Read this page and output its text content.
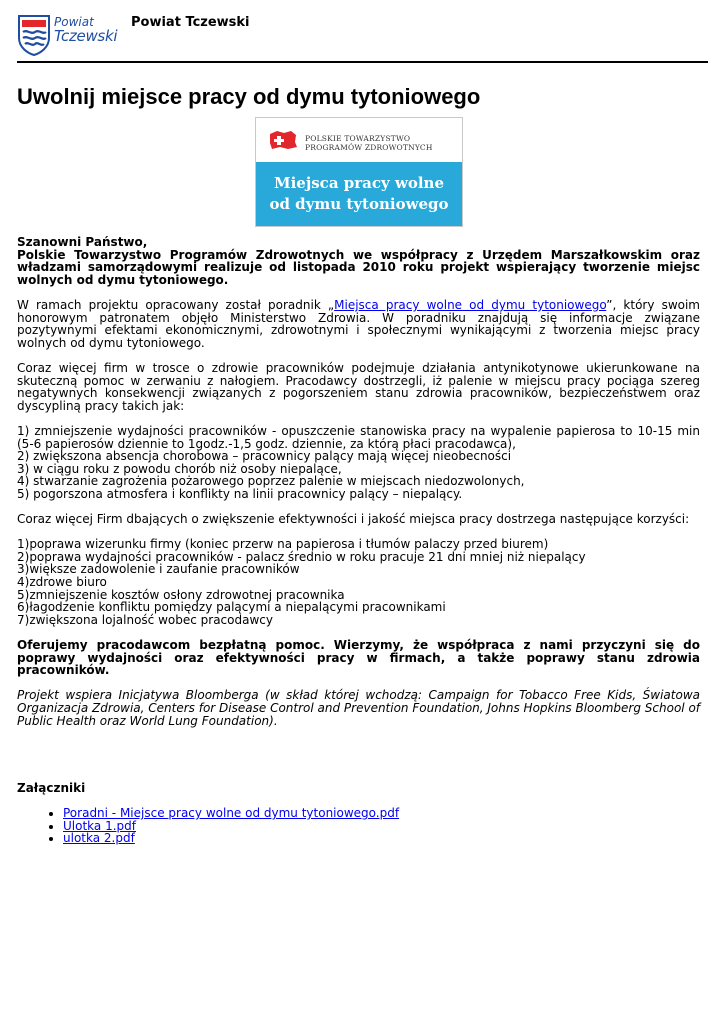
Powiat
Tczewski
Powiat Tczewski
Uwolnij miejsce pracy od dymu tytoniowego
POLSKIE TOWARZYSTWO
PROGRAMÓW ZDROWOTNYCH
Miejsca pracy wolne
od dymu tytoniowego

Szanowni Państwo,
Polskie Towarzystwo Programów Zdrowotnych we współpracy z Urzędem Marszałkowskim oraz władzami samorządowymi realizuje od listopada 2010 roku projekt wspierający tworzenie miejsc wolnych od dymu tytoniowego.

W ramach projektu opracowany został poradnik „Miejsca pracy wolne od dymu tytoniowego”, który swoim honorowym patronatem objęło Ministerstwo Zdrowia. W poradniku znajdują się informacje związane pozytywnymi efektami ekonomicznymi, zdrowotnymi i społecznymi wynikającymi z tworzenia miejsc pracy wolnych od dymu tytoniowego.

Coraz więcej firm w trosce o zdrowie pracowników podejmuje działania antynikotynowe ukierunkowane na skuteczną pomoc w zerwaniu z nałogiem. Pracodawcy dostrzegli, iż palenie w miejscu pracy pociąga szereg negatywnych konsekwencji związanych z pogorszeniem stanu zdrowia pracowników, bezpieczeństwem oraz dyscypliną pracy takich jak:

1) zmniejszenie wydajności pracowników - opuszczenie stanowiska pracy na wypalenie papierosa to 10-15 min (5-6 papierosów dziennie to 1godz.-1,5 godz. dziennie, za którą płaci pracodawca),
2) zwiększona absencja chorobowa – pracownicy palący mają więcej nieobecności
3) w ciągu roku z powodu chorób niż osoby niepalące,
4) stwarzanie zagrożenia pożarowego poprzez palenie w miejscach niedozwolonych,
5) pogorszona atmosfera i konflikty na linii pracownicy palący – niepalący.

Coraz więcej Firm dbających o zwiększenie efektywności i jakość miejsca pracy dostrzega następujące korzyści:

1)poprawa wizerunku firmy (koniec przerw na papierosa i tłumów palaczy przed biurem)
2)poprawa wydajności pracowników - palacz średnio w roku pracuje 21 dni mniej niż niepalący
3)większe zadowolenie i zaufanie pracowników
4)zdrowe biuro
5)zmniejszenie kosztów osłony zdrowotnej pracownika
6)łagodzenie konfliktu pomiędzy palącymi a niepalącymi pracownikami
7)zwiększona lojalność wobec pracodawcy

Oferujemy pracodawcom bezpłatną pomoc. Wierzymy, że współpraca z nami przyczyni się do poprawy wydajności oraz efektywności pracy w firmach, a także poprawy stanu zdrowia pracowników.

Projekt wspiera Inicjatywa Bloomberga (w skład której wchodzą: Campaign for Tobacco Free Kids, Światowa Organizacja Zdrowia, Centers for Disease Control and Prevention Foundation, Johns Hopkins Bloomberg School of Public Health oraz World Lung Foundation).

Załączniki

• Poradni - Miejsce pracy wolne od dymu tytoniowego.pdf
• Ulotka 1.pdf
• ulotka 2.pdf
